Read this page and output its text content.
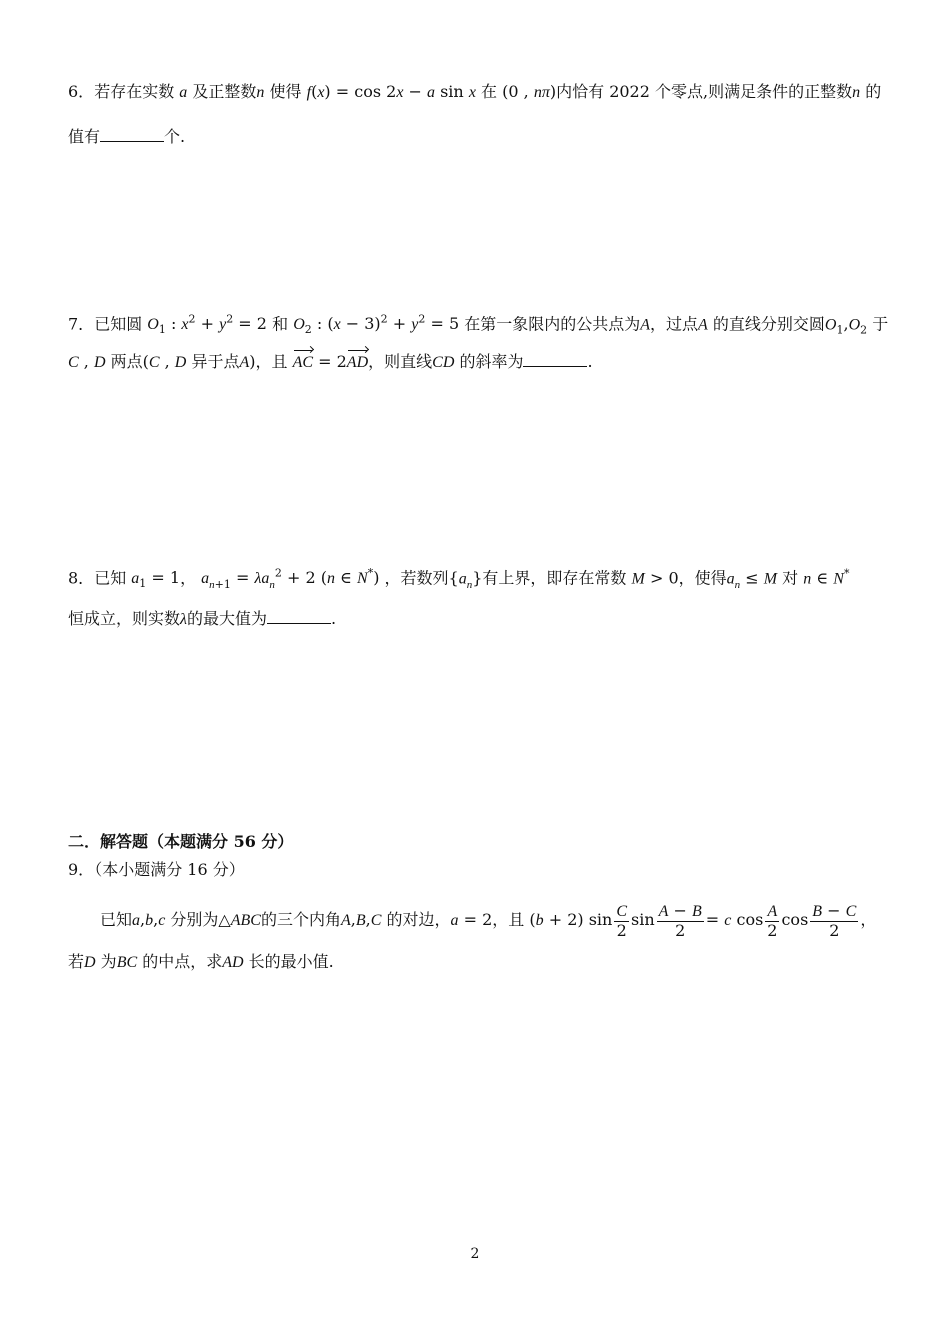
6．若存在实数 a 及正整数n 使得 f(x) = cos 2x − a sin x 在 (0 , nπ)内恰有 2022 个零点,则满足条件的正整数n 的
值有	个.
7．已知圆 $O_1$ : $x^2 + y^2 = 2$ 和 $O_2$ : $(x - 3)^2 + y^2 = 5$ 在第一象限内的公共点为A，过点A 的直线分别交圆$O_1,O_2$ 于
C , D 两点(C , D 异于点A)，且 AC = 2AD，则直线CD 的斜率为	.
8．已知 $a_1 = 1$， $a_{n+1} = \lambda a_n^2 + 2$ (n ∈ N*) ，若数列$\{a_n\}$有上界，即存在常数 M > 0，使得$a_n \le M$ 对 n ∈ N*
恒成立，则实数λ的最大值为	.
二．解答题（本题满分 56 分）
9．（本小题满分 16 分）
已知a,b,c 分别为△ABC的三个内角A,B,C 的对边，a = 2，且 (b + 2) $\sin \frac{C}{2}$ $\sin \frac{A - B}{2} = c$ $\cos \frac{A}{2}$ $\cos \frac{B - C}{2}$ ，
若D 为BC 的中点，求AD 长的最小值.
2
